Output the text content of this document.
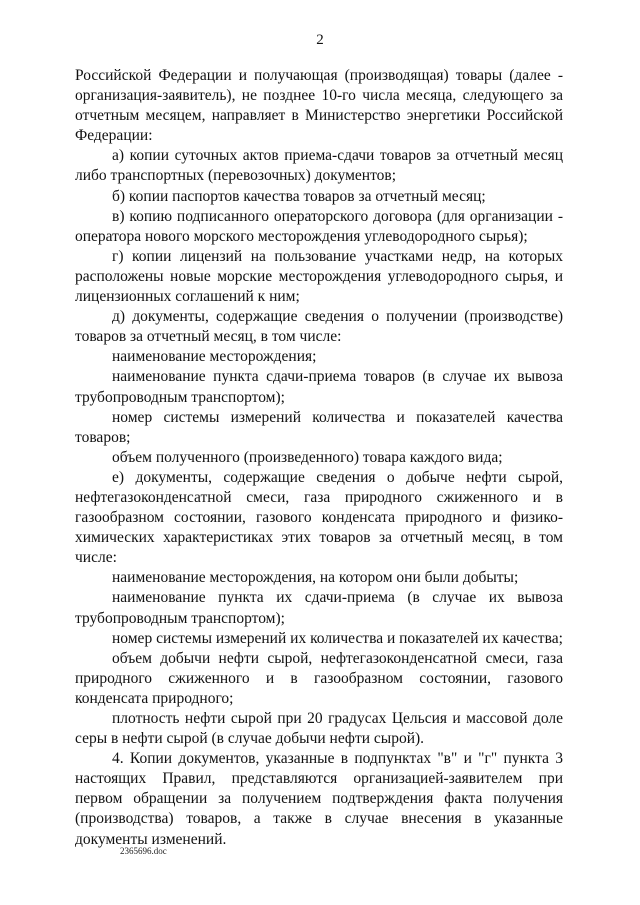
2

Российской Федерации и получающая (производящая) товары (далее - организация-заявитель), не позднее 10-го числа месяца, следующего за отчетным месяцем, направляет в Министерство энергетики Российской Федерации:

а) копии суточных актов приема-сдачи товаров за отчетный месяц либо транспортных (перевозочных) документов;

б) копии паспортов качества товаров за отчетный месяц;

в) копию подписанного операторского договора (для организации - оператора нового морского месторождения углеводородного сырья);

г) копии лицензий на пользование участками недр, на которых расположены новые морские месторождения углеводородного сырья, и лицензионных соглашений к ним;

д) документы, содержащие сведения о получении (производстве) товаров за отчетный месяц, в том числе:

наименование месторождения;

наименование пункта сдачи-приема товаров (в случае их вывоза трубопроводным транспортом);

номер системы измерений количества и показателей качества товаров;

объем полученного (произведенного) товара каждого вида;

е) документы, содержащие сведения о добыче нефти сырой, нефтегазоконденсатной смеси, газа природного сжиженного и в газообразном состоянии, газового конденсата природного и физико-химических характеристиках этих товаров за отчетный месяц, в том числе:

наименование месторождения, на котором они были добыты;

наименование пункта их сдачи-приема (в случае их вывоза трубопроводным транспортом);

номер системы измерений их количества и показателей их качества;

объем добычи нефти сырой, нефтегазоконденсатной смеси, газа природного сжиженного и в газообразном состоянии, газового конденсата природного;

плотность нефти сырой при 20 градусах Цельсия и массовой доле серы в нефти сырой (в случае добычи нефти сырой).

4. Копии документов, указанные в подпунктах "в" и "г" пункта 3 настоящих Правил, представляются организацией-заявителем при первом обращении за получением подтверждения факта получения (производства) товаров, а также в случае внесения в указанные документы изменений.

2365696.doc
